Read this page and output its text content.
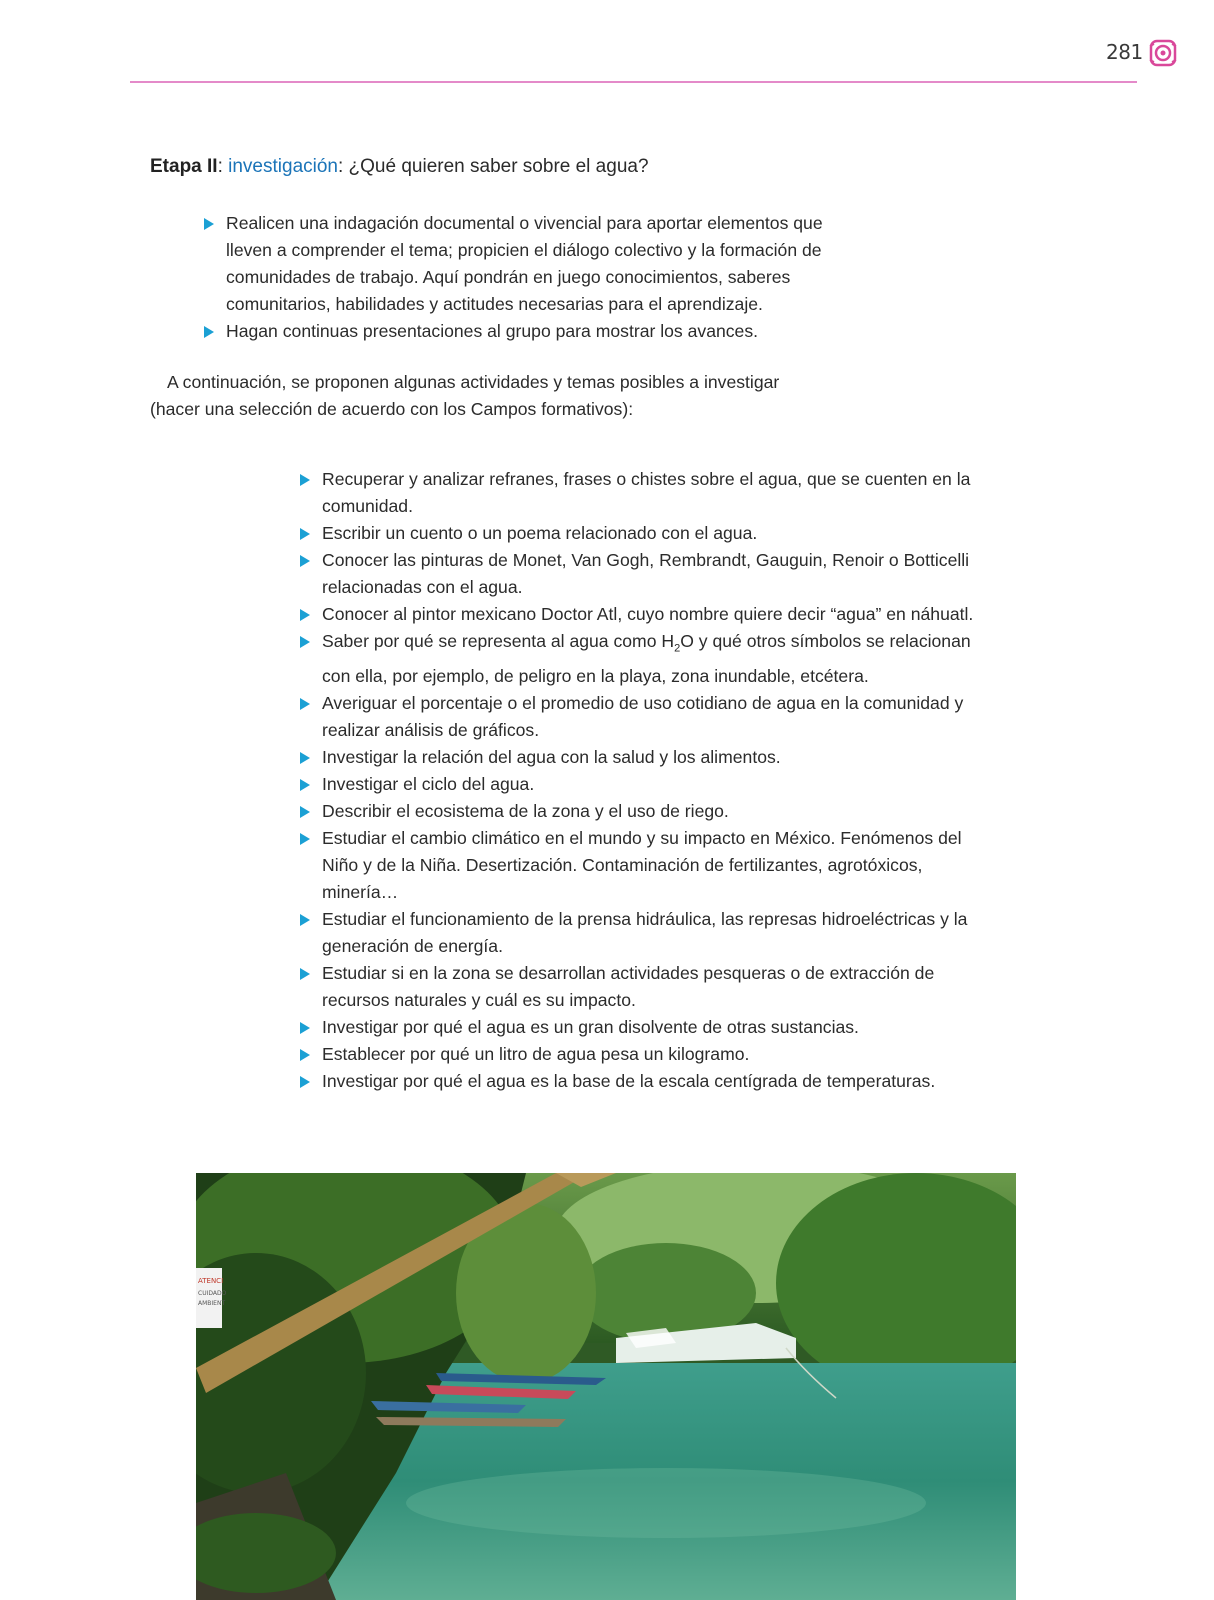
281
Etapa II: investigación: ¿Qué quieren saber sobre el agua?
Realicen una indagación documental o vivencial para aportar elementos que lleven a comprender el tema; propicien el diálogo colectivo y la formación de comunidades de trabajo. Aquí pondrán en juego conocimientos, saberes comunitarios, habilidades y actitudes necesarias para el aprendizaje.
Hagan continuas presentaciones al grupo para mostrar los avances.

A continuación, se proponen algunas actividades y temas posibles a investigar (hacer una selección de acuerdo con los Campos formativos):

Recuperar y analizar refranes, frases o chistes sobre el agua, que se cuenten en la comunidad.
Escribir un cuento o un poema relacionado con el agua.
Conocer las pinturas de Monet, Van Gogh, Rembrandt, Gauguin, Renoir o Botticelli relacionadas con el agua.
Conocer al pintor mexicano Doctor Atl, cuyo nombre quiere decir “agua” en náhuatl.
Saber por qué se representa al agua como $H_2O$ y qué otros símbolos se relacionan con ella, por ejemplo, de peligro en la playa, zona inundable, etcétera.
Averiguar el porcentaje o el promedio de uso cotidiano de agua en la comunidad y realizar análisis de gráficos.
Investigar la relación del agua con la salud y los alimentos.
Investigar el ciclo del agua.
Describir el ecosistema de la zona y el uso de riego.
Estudiar el cambio climático en el mundo y su impacto en México. Fenómenos del Niño y de la Niña. Desertización. Contaminación de fertilizantes, agrotóxicos, minería…
Estudiar el funcionamiento de la prensa hidráulica, las represas hidroeléctricas y la generación de energía.
Estudiar si en la zona se desarrollan actividades pesqueras o de extracción de recursos naturales y cuál es su impacto.
Investigar por qué el agua es un gran disolvente de otras sustancias.
Establecer por qué un litro de agua pesa un kilogramo.
Investigar por qué el agua es la base de la escala centígrada de temperaturas.
ATENCI
CUIDADO
AMBIENT
